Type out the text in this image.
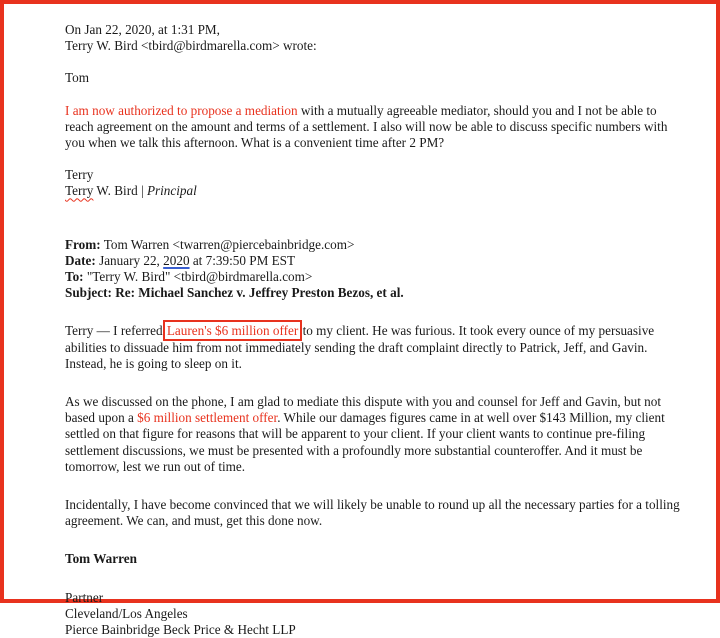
On Jan 22, 2020, at 1:31 PM,
Terry W. Bird <tbird@birdmarella.com> wrote:
Tom
I am now authorized to propose a mediation with a mutually agreeable mediator, should you and I not be able to
reach agreement on the amount and terms of a settlement. I also will now be able to discuss specific numbers with
you when we talk this afternoon. What is a convenient time after 2 PM?
Terry
Terry W. Bird | Principal
From: Tom Warren <twarren@piercebainbridge.com>
Date: January 22, 2020 at 7:39:50 PM EST
To: "Terry W. Bird" <tbird@birdmarella.com>
Subject: Re: Michael Sanchez v. Jeffrey Preston Bezos, et al.
Terry — I referred Lauren's $6 million offer to my client. He was furious. It took every ounce of my persuasive
abilities to dissuade him from not immediately sending the draft complaint directly to Patrick, Jeff, and Gavin.
Instead, he is going to sleep on it.
As we discussed on the phone, I am glad to mediate this dispute with you and counsel for Jeff and Gavin, but not
based upon a $6 million settlement offer. While our damages figures came in at well over $143 Million, my client
settled on that figure for reasons that will be apparent to your client. If your client wants to continue pre-filing
settlement discussions, we must be presented with a profoundly more substantial counteroffer. And it must be
tomorrow, lest we run out of time.
Incidentally, I have become convinced that we will likely be unable to round up all the necessary parties for a tolling
agreement. We can, and must, get this done now.
Tom Warren
Partner
Cleveland/Los Angeles
Pierce Bainbridge Beck Price & Hecht LLP
